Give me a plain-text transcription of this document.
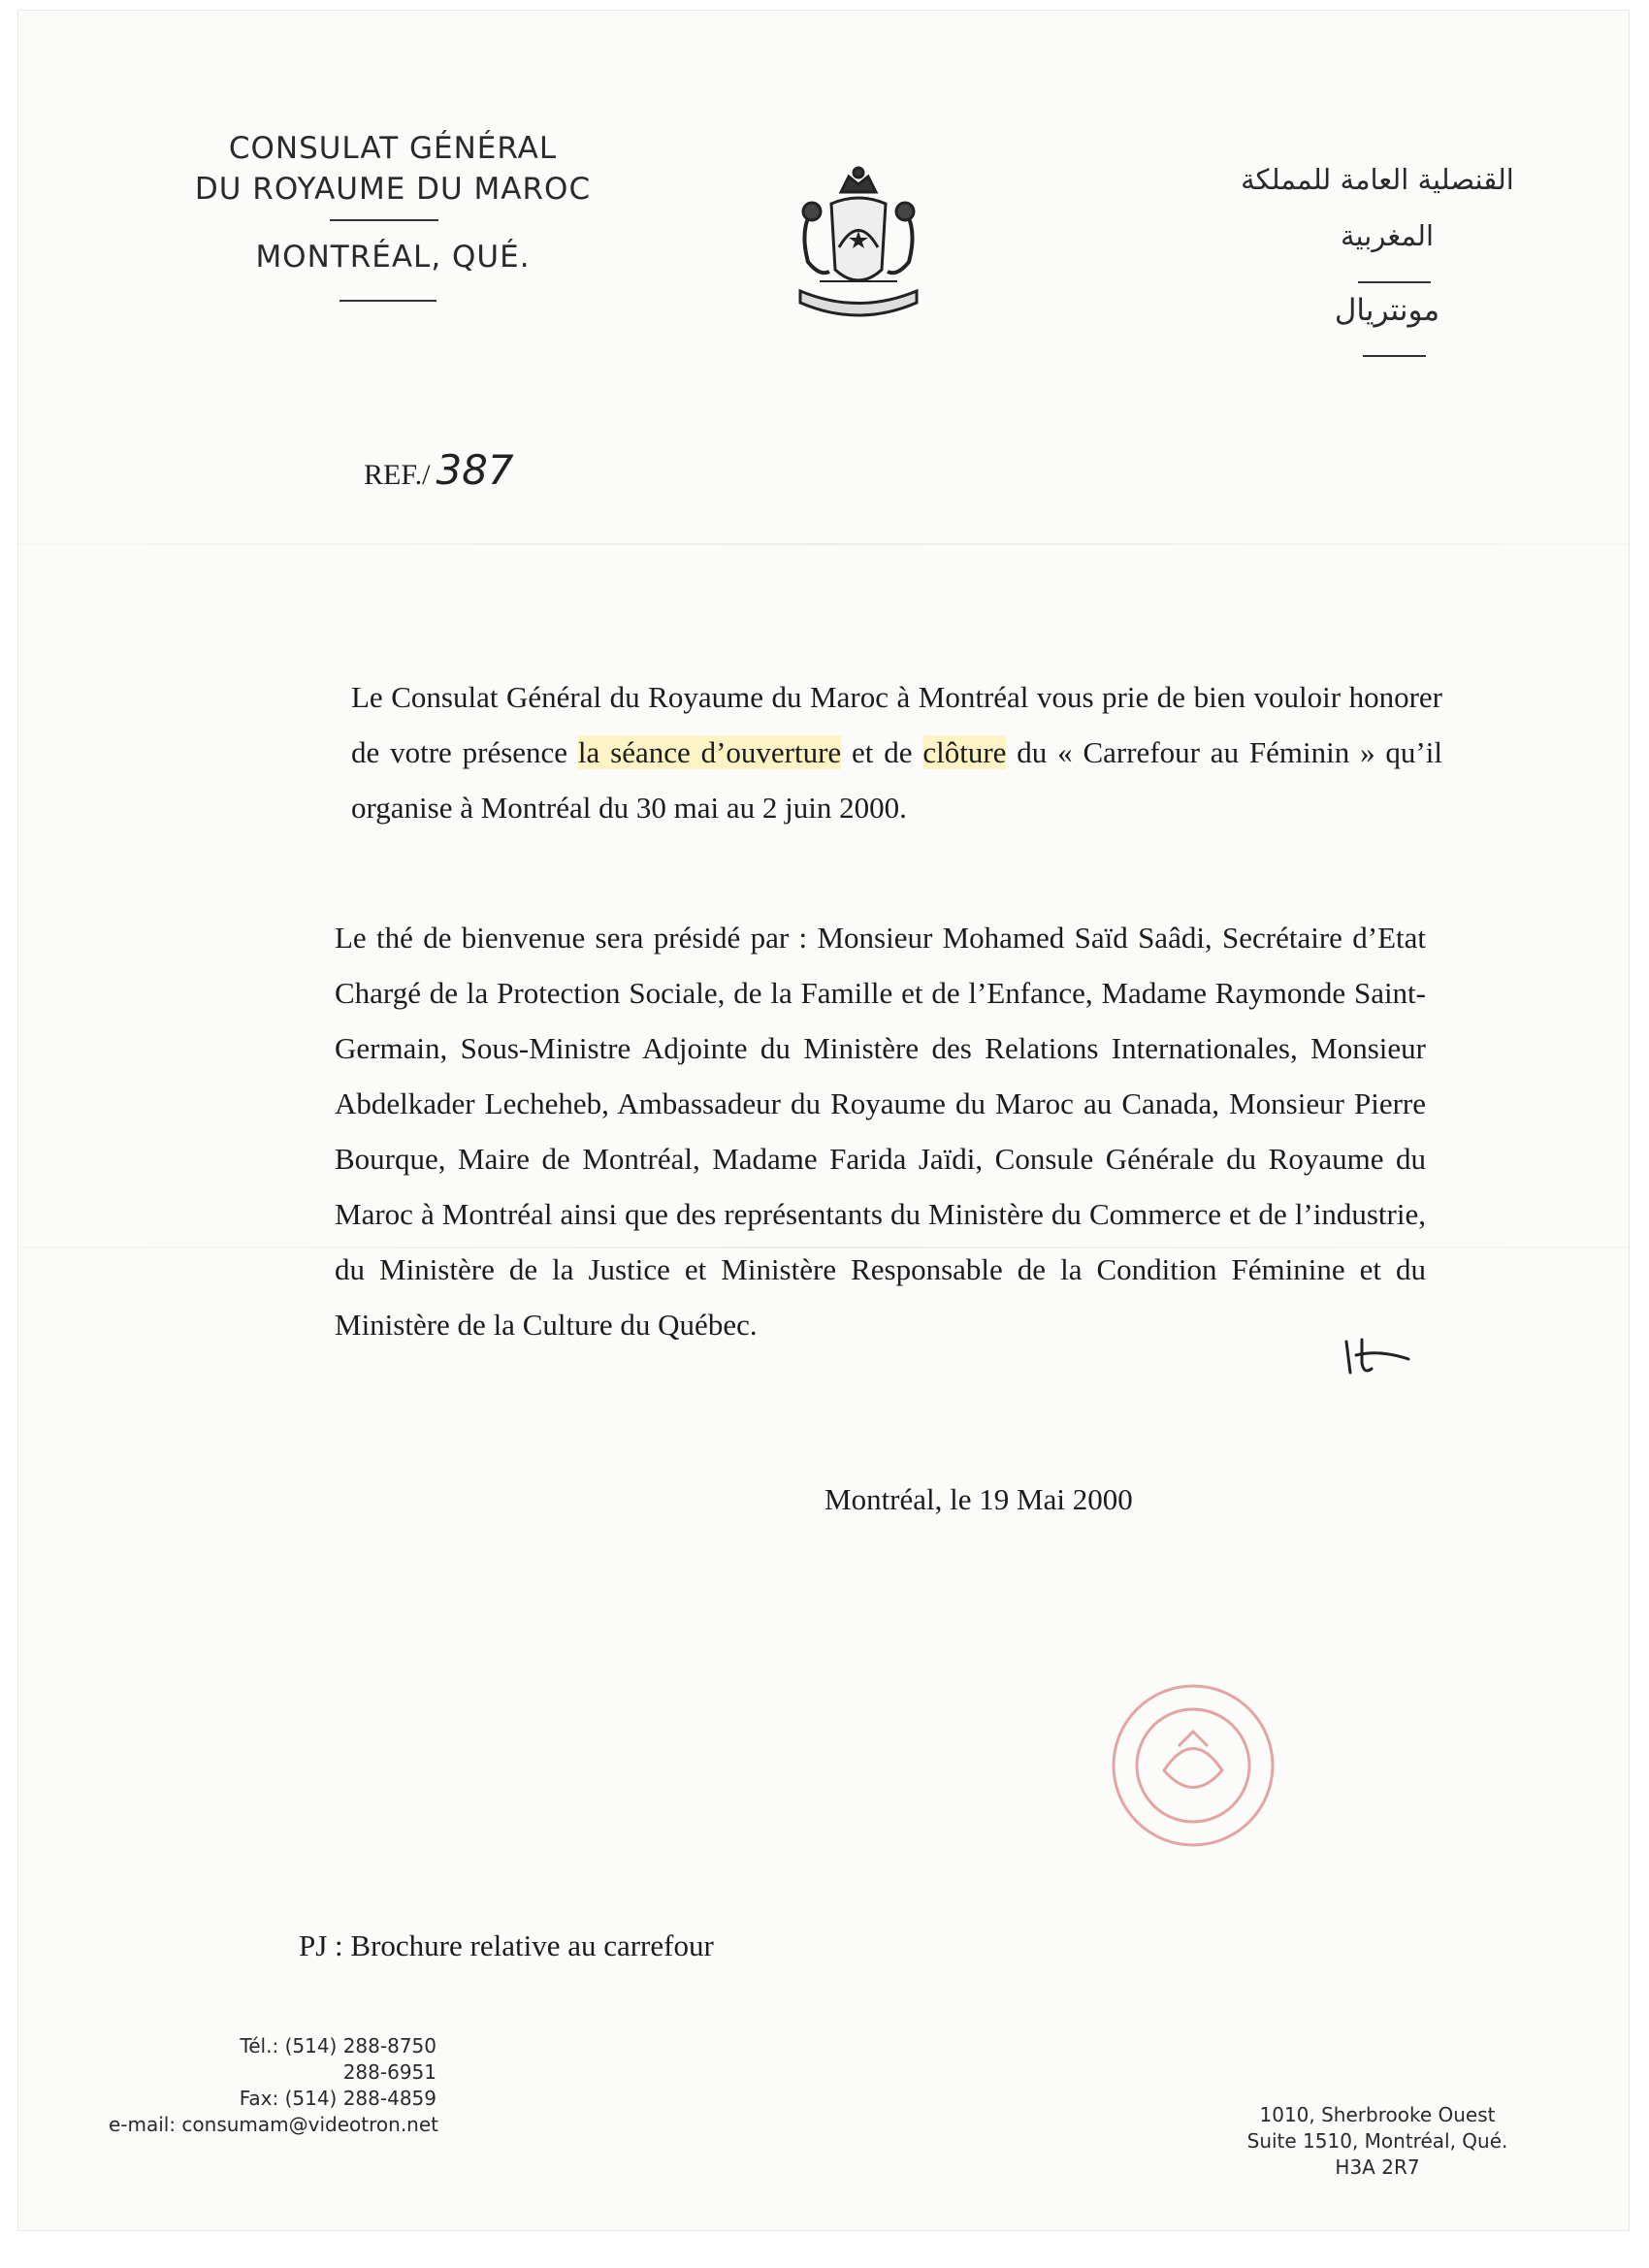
CONSULAT GÉNÉRAL
DU ROYAUME DU MAROC
MONTRÉAL, QUÉ.
القنصلية العامة للمملكة
المغربية
مونتريال
REF./ 387
Le Consulat Général du Royaume du Maroc à Montréal vous prie de bien vouloir honorer de votre présence la séance d’ouverture et de clôture du « Carrefour au Féminin » qu’il organise à Montréal du 30 mai au 2 juin 2000.
Le thé de bienvenue sera présidé par : Monsieur Mohamed Saïd Saâdi, Secrétaire d’Etat Chargé de la Protection Sociale, de la Famille et de l’Enfance, Madame Raymonde Saint-Germain, Sous-Ministre Adjointe du Ministère des Relations Internationales, Monsieur Abdelkader Lecheheb, Ambassadeur du Royaume du Maroc au Canada, Monsieur Pierre Bourque, Maire de Montréal, Madame Farida Jaïdi, Consule Générale du Royaume du Maroc à Montréal ainsi que des représentants du Ministère du Commerce et de l’industrie, du Ministère de la Justice et Ministère Responsable de la Condition Féminine et du Ministère de la Culture du Québec.
Montréal, le 19 Mai 2000
PJ : Brochure relative au carrefour
Tél.: (514) 288-8750
288-6951
Fax: (514) 288-4859
e-mail: consumam@videotron.net	1010, Sherbrooke Ouest
Suite 1510, Montréal, Qué.
H3A 2R7
